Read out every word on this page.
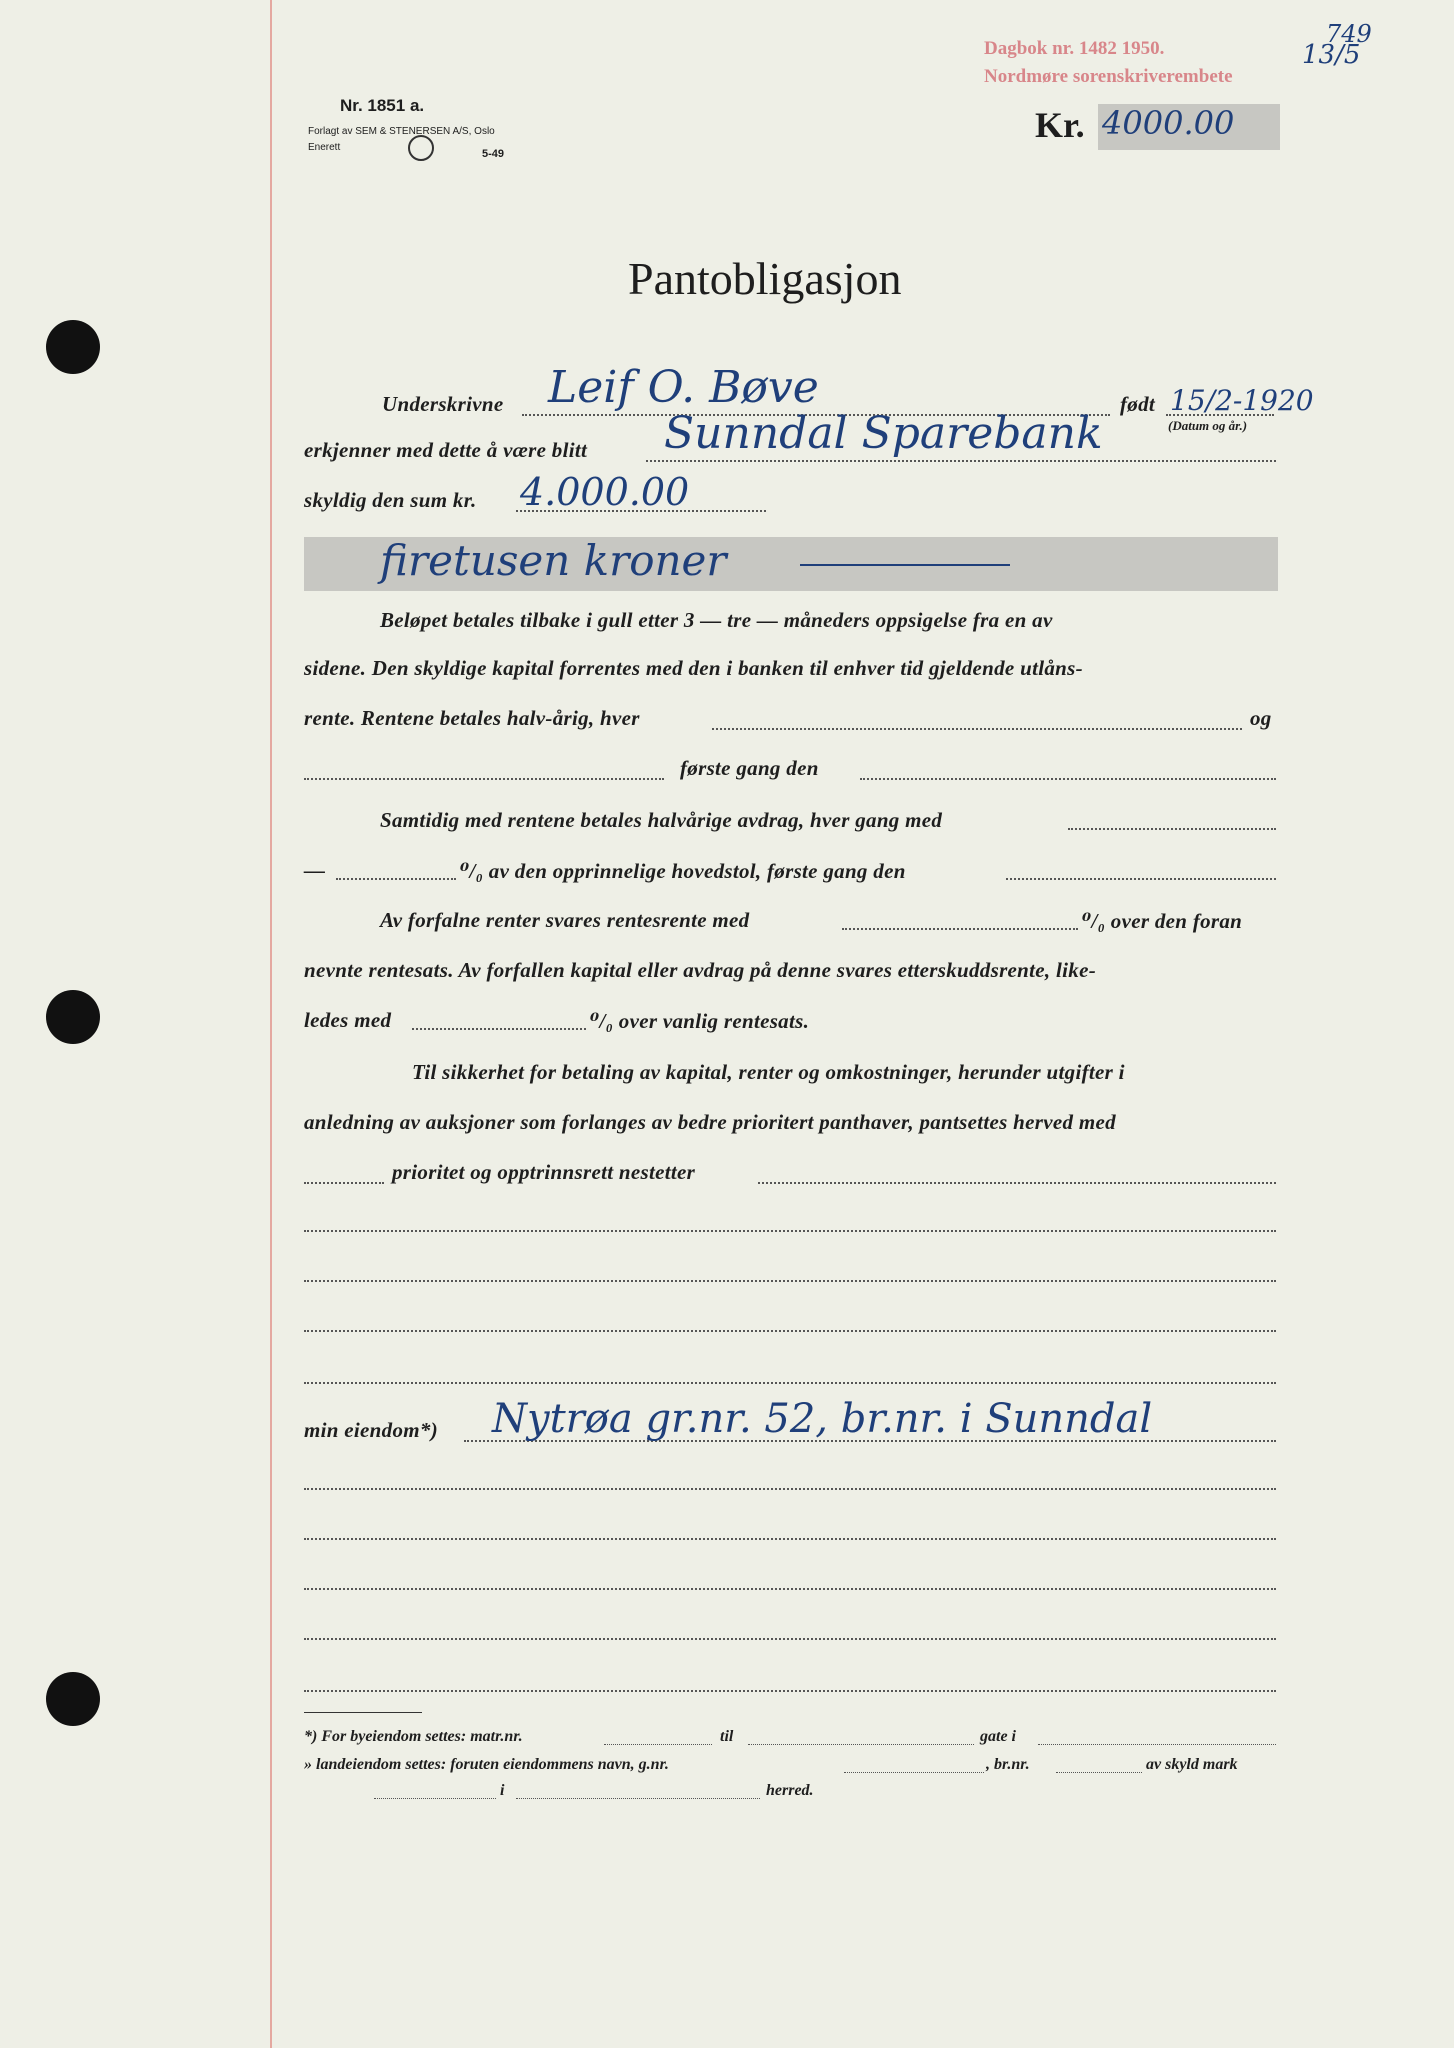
Nr. 1851 a.
Forlagt av SEM & STENERSEN A/S, Oslo
Enerett
5-49
Dagbok nr. 1482 1950.
Nordmøre sorenskriverembete
13/5
749
Kr. 4000.00
Pantobligasjon
Underskrivne Leif O. Bøve	født 15/2-1920
(Datum og år.)
erkjenner med dette å være blitt Sunndal Sparebank
skyldig den sum kr. 4.000.00
firetusen kroner
Beløpet betales tilbake i gull etter 3 — tre — måneders oppsigelse fra en av
sidene. Den skyldige kapital forrentes med den i banken til enhver tid gjeldende utlåns-
rente. Rentene betales halv-årig, hver	og
første gang den
Samtidig med rentene betales halvårige avdrag, hver gang med
—	⁰/₀ av den opprinnelige hovedstol, første gang den
Av forfalne renter svares rentesrente med	⁰/₀ over den foran
nevnte rentesats. Av forfallen kapital eller avdrag på denne svares etterskuddsrente, like-
ledes med	⁰/₀ over vanlig rentesats.
Til sikkerhet for betaling av kapital, renter og omkostninger, herunder utgifter i
anledning av auksjoner som forlanges av bedre prioritert panthaver, pantsettes herved med
prioritet og opptrinnsrett nestetter
min eiendom*) Nytrøa gr.nr. 52, br.nr. i Sunndal
*) For byeiendom settes: matr.nr.	til	gate i
» landeiendom settes: foruten eiendommens navn, g.nr.	, br.nr.	av skyld mark
i	herred.
